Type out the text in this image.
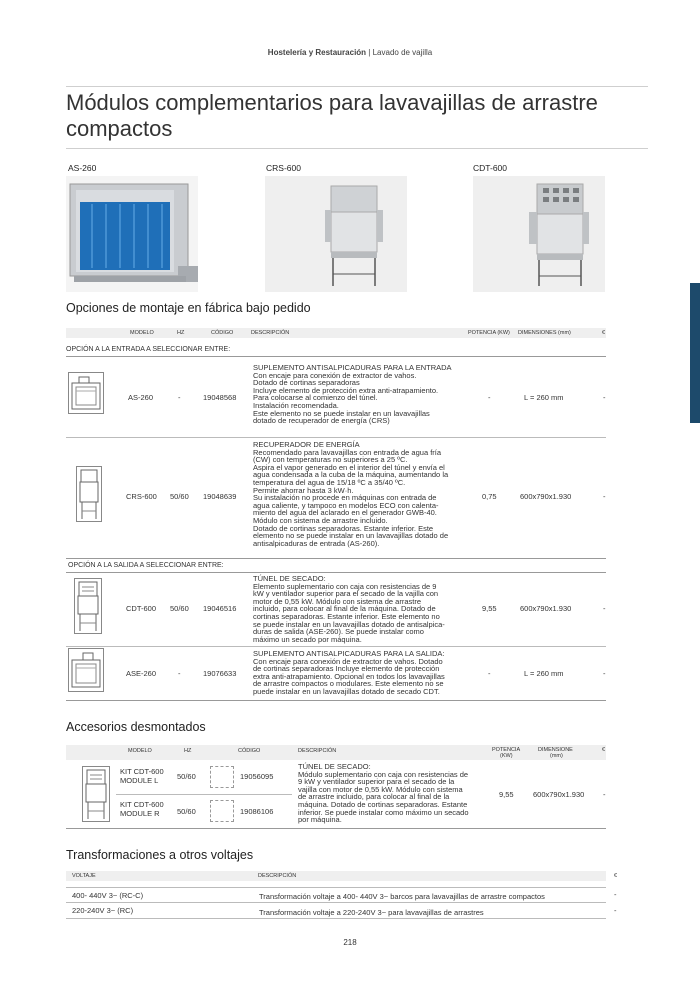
Hostelería y Restauración | Lavado de vajilla
Módulos complementarios para lavavajillas de arrastre compactos
AS-260	CRS-600	CDT-600
Opciones de montaje en fábrica bajo pedido
MODELO	HZ	CÓDIGO	DESCRIPCIÓN	POTENCIA (KW) DIMENSIONES (mm)	€
OPCIÓN A LA ENTRADA A SELECCIONAR ENTRE:
AS-260	-	19048568
SUPLEMENTO ANTISALPICADURAS PARA LA ENTRADA
Con encaje para conexión de extractor de vahos.
Dotado de cortinas separadoras
Incluye elemento de protección extra anti-atrapamiento.
Para colocarse al comienzo del túnel.
Instalación recomendada.
Este elemento no se puede instalar en un lavavajillas
dotado de recuperador de energía (CRS)
-	L = 260 mm	-
CRS-600 50/60 19048639
RECUPERADOR DE ENERGÍA
Recomendado para lavavajillas con entrada de agua fría
(CW) con temperaturas no superiores a 25 ºC.
Aspira el vapor generado en el interior del túnel y envía el
agua condensada a la cuba de la máquina, aumentando la
temperatura del agua de 15/18 ºC a 35/40 ºC.
Permite ahorrar hasta 3 kW·h.
Su instalación no procede en máquinas con entrada de
agua caliente, y tampoco en modelos ECO con calenta-
miento del agua del aclarado en el generador GWB-40.
Módulo con sistema de arrastre incluido.
Dotado de cortinas separadoras. Estante inferior. Este
elemento no se puede instalar en un lavavajillas dotado de
antisalpicaduras de entrada (AS-260).
0,75	600x790x1.930	-
OPCIÓN A LA SALIDA A SELECCIONAR ENTRE:
CDT-600 50/60 19046516
TÚNEL DE SECADO:
Elemento suplementario con caja con resistencias de 9
kW y ventilador superior para el secado de la vajilla con
motor de 0,55 kW. Módulo con sistema de arrastre
incluido, para colocar al final de la máquina. Dotado de
cortinas separadoras. Estante inferior. Este elemento no
se puede instalar en un lavavajillas dotado de antisalpica-
duras de salida (ASE-260). Se puede instalar como
máximo un secado por máquina.
9,55	600x790x1.930	-
ASE-260	-	19076633
SUPLEMENTO ANTISALPICADURAS PARA LA SALIDA:
Con encaje para conexión de extractor de vahos. Dotado
de cortinas separadoras Incluye elemento de protección
extra anti-atrapamiento. Opcional en todos los lavavajillas
de arrastre compactos o modulares. Este elemento no se
puede instalar en un lavavajillas dotado de secado CDT.
-	L = 260 mm	-
Accesorios desmontados
MODELO	HZ	CÓDIGO	DESCRIPCIÓN	POTENCIA
(KW)
DIMENSIONE
(mm)
€
KIT CDT-600
MODULE L	50/60	19056095
KIT CDT-600
MODULE R	50/60	19086106
TÚNEL DE SECADO:
Módulo suplementario con caja con resistencias de
9 kW y ventilador superior para el secado de la
vajilla con motor de 0,55 kW. Módulo con sistema
de arrastre incluido, para colocar al final de la
máquina. Dotado de cortinas separadoras. Estante
inferior. Se puede instalar como máximo un secado
por máquina.
9,55	600x790x1.930 -
Transformaciones a otros voltajes
VOLTAJE	DESCRIPCIÓN	€
400- 440V 3~ (RC-C)	Transformación voltaje a 400- 440V 3~ barcos para lavavajillas de arrastre compactos	-
220-240V 3~ (RC)	Transformación voltaje a 220-240V 3~ para lavavajillas de arrastres	-
218
